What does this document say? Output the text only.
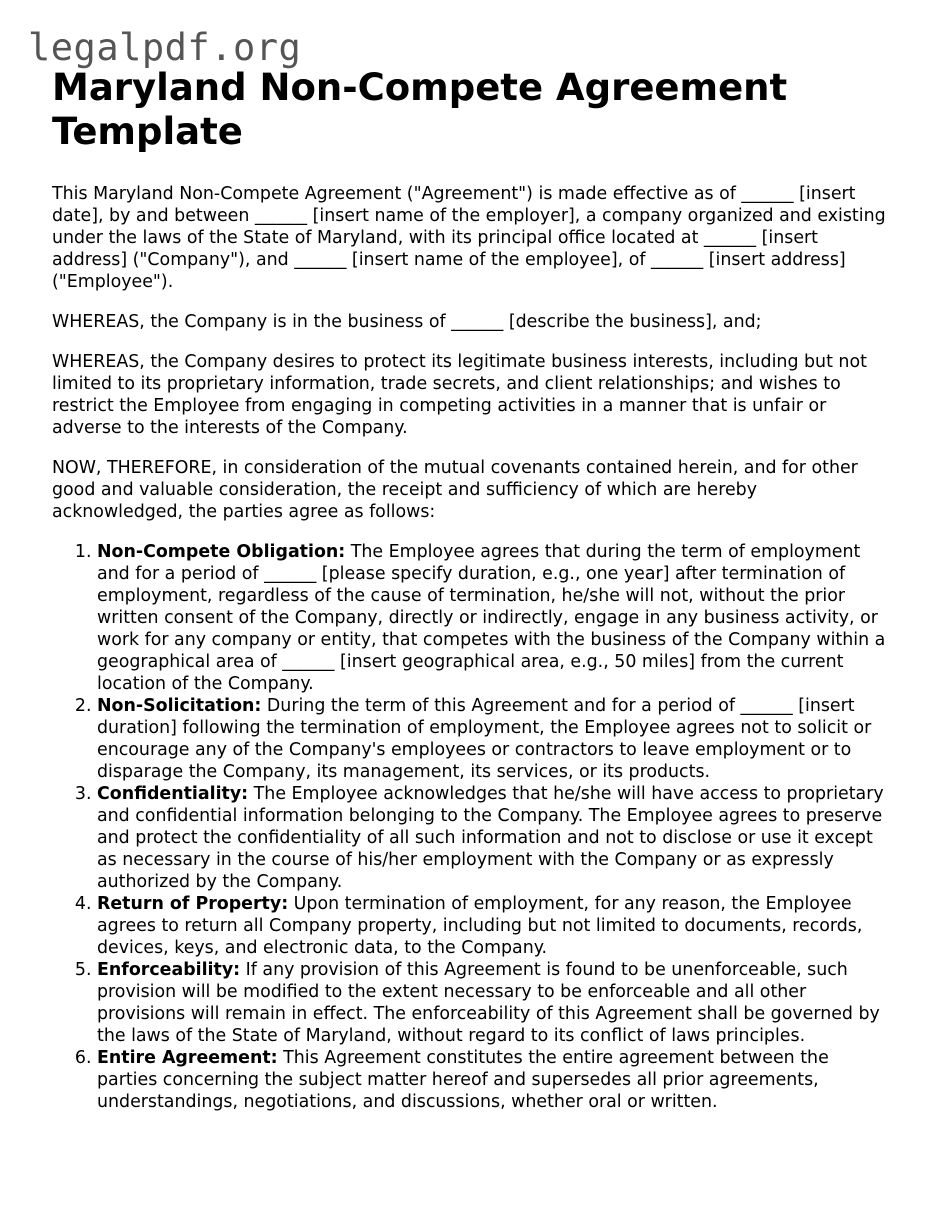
legalpdf.org
Maryland Non-Compete Agreement Template

This Maryland Non-Compete Agreement ("Agreement") is made effective as of ______ [insert date], by and between ______ [insert name of the employer], a company organized and existing under the laws of the State of Maryland, with its principal office located at ______ [insert address] ("Company"), and ______ [insert name of the employee], of ______ [insert address] ("Employee").

WHEREAS, the Company is in the business of ______ [describe the business], and;

WHEREAS, the Company desires to protect its legitimate business interests, including but not limited to its proprietary information, trade secrets, and client relationships; and wishes to restrict the Employee from engaging in competing activities in a manner that is unfair or adverse to the interests of the Company.

NOW, THEREFORE, in consideration of the mutual covenants contained herein, and for other good and valuable consideration, the receipt and sufficiency of which are hereby acknowledged, the parties agree as follows:

1. Non-Compete Obligation: The Employee agrees that during the term of employment and for a period of ______ [please specify duration, e.g., one year] after termination of employment, regardless of the cause of termination, he/she will not, without the prior written consent of the Company, directly or indirectly, engage in any business activity, or work for any company or entity, that competes with the business of the Company within a geographical area of ______ [insert geographical area, e.g., 50 miles] from the current location of the Company.
2. Non-Solicitation: During the term of this Agreement and for a period of ______ [insert duration] following the termination of employment, the Employee agrees not to solicit or encourage any of the Company's employees or contractors to leave employment or to disparage the Company, its management, its services, or its products.
3. Confidentiality: The Employee acknowledges that he/she will have access to proprietary and confidential information belonging to the Company. The Employee agrees to preserve and protect the confidentiality of all such information and not to disclose or use it except as necessary in the course of his/her employment with the Company or as expressly authorized by the Company.
4. Return of Property: Upon termination of employment, for any reason, the Employee agrees to return all Company property, including but not limited to documents, records, devices, keys, and electronic data, to the Company.
5. Enforceability: If any provision of this Agreement is found to be unenforceable, such provision will be modified to the extent necessary to be enforceable and all other provisions will remain in effect. The enforceability of this Agreement shall be governed by the laws of the State of Maryland, without regard to its conflict of laws principles.
6. Entire Agreement: This Agreement constitutes the entire agreement between the parties concerning the subject matter hereof and supersedes all prior agreements, understandings, negotiations, and discussions, whether oral or written.
